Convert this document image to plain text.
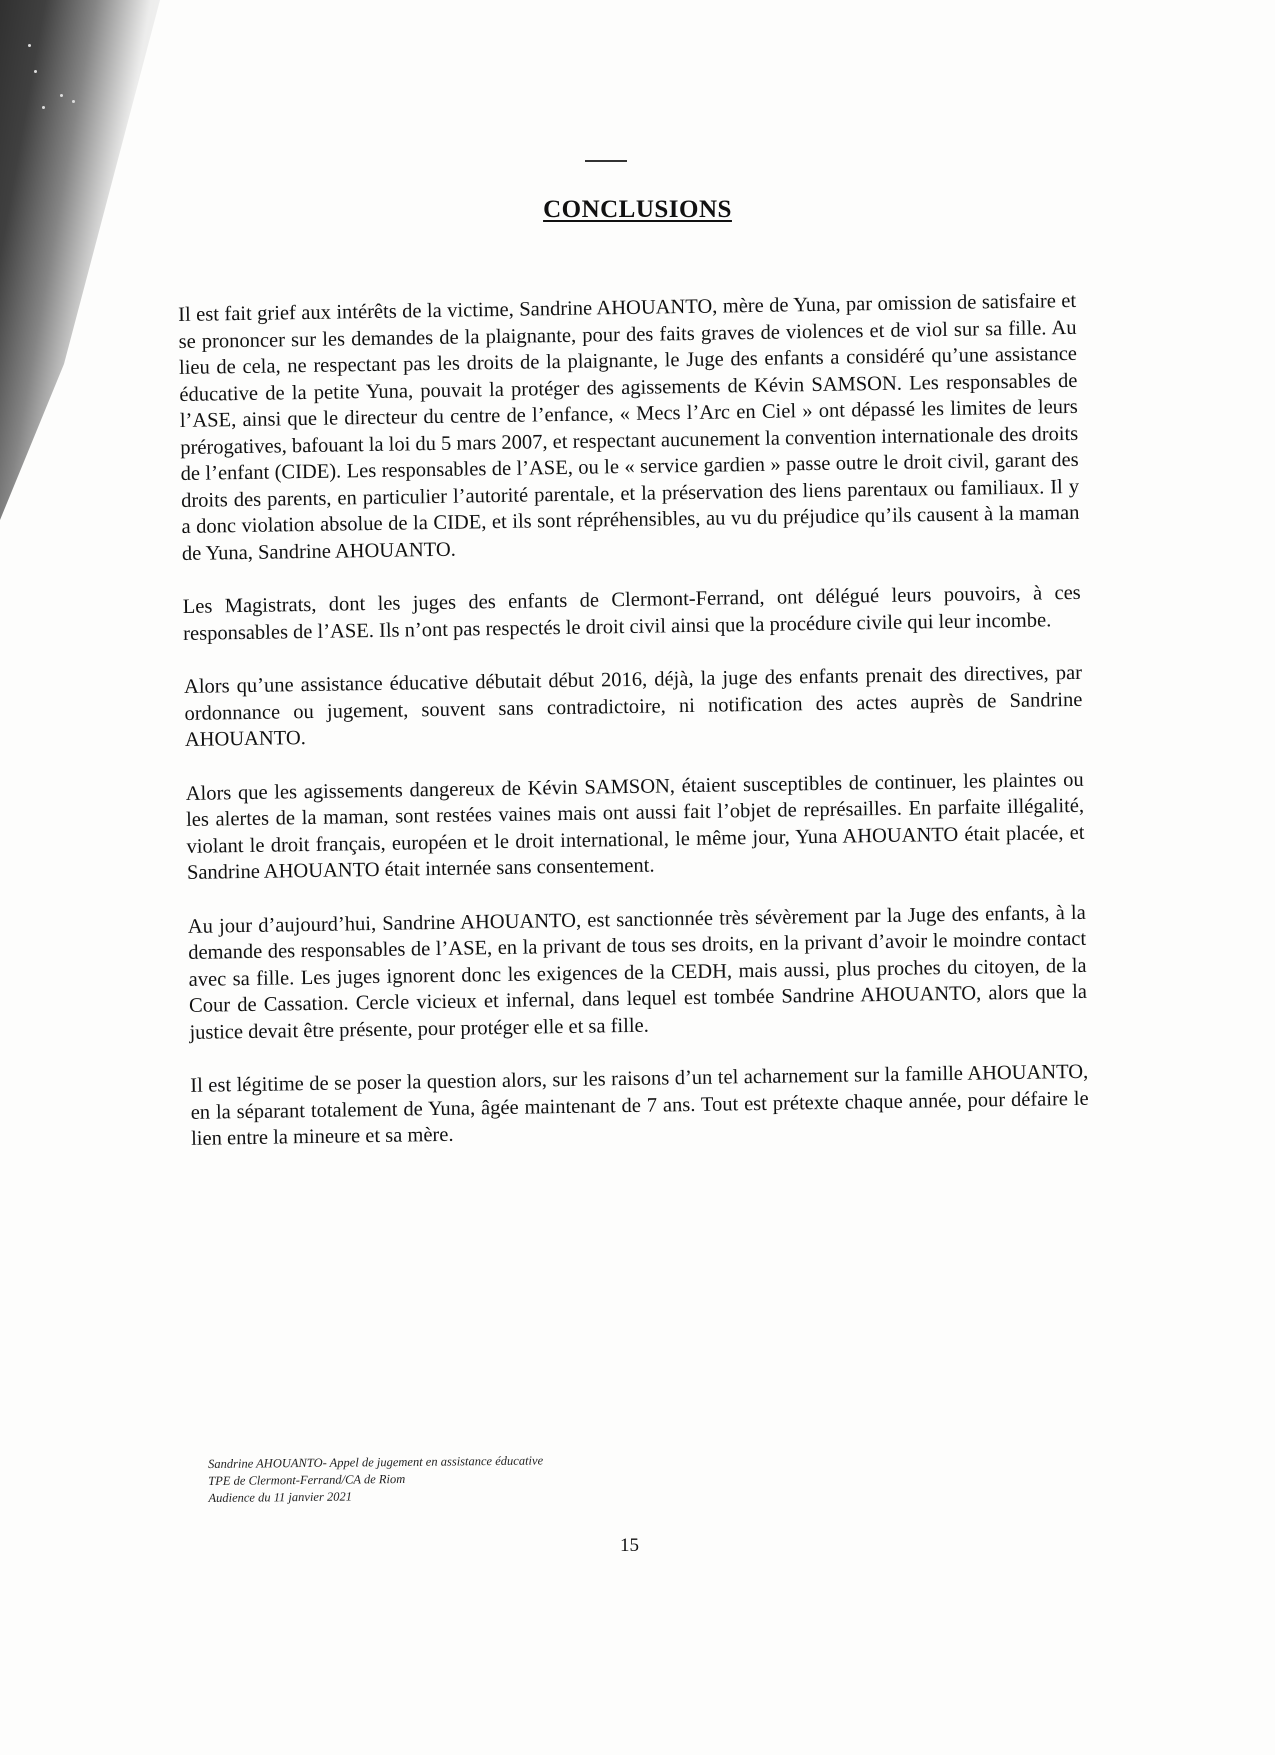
CONCLUSIONS

Il est fait grief aux intérêts de la victime, Sandrine AHOUANTO, mère de Yuna, par omission de satisfaire et se prononcer sur les demandes de la plaignante, pour des faits graves de violences et de viol sur sa fille. Au lieu de cela, ne respectant pas les droits de la plaignante, le Juge des enfants a considéré qu’une assistance éducative de la petite Yuna, pouvait la protéger des agissements de Kévin SAMSON. Les responsables de l’ASE, ainsi que le directeur du centre de l’enfance, « Mecs l’Arc en Ciel » ont dépassé les limites de leurs prérogatives, bafouant la loi du 5 mars 2007, et respectant aucunement la convention internationale des droits de l’enfant (CIDE). Les responsables de l’ASE, ou le « service gardien » passe outre le droit civil, garant des droits des parents, en particulier l’autorité parentale, et la préservation des liens parentaux ou familiaux. Il y a donc violation absolue de la CIDE, et ils sont répréhensibles, au vu du préjudice qu’ils causent à la maman de Yuna, Sandrine AHOUANTO.

Les Magistrats, dont les juges des enfants de Clermont-Ferrand, ont délégué leurs pouvoirs, à ces responsables de l’ASE. Ils n’ont pas respectés le droit civil ainsi que la procédure civile qui leur incombe.

Alors qu’une assistance éducative débutait début 2016, déjà, la juge des enfants prenait des directives, par ordonnance ou jugement, souvent sans contradictoire, ni notification des actes auprès de Sandrine AHOUANTO.

Alors que les agissements dangereux de Kévin SAMSON, étaient susceptibles de continuer, les plaintes ou les alertes de la maman, sont restées vaines mais ont aussi fait l’objet de représailles. En parfaite illégalité, violant le droit français, européen et le droit international, le même jour, Yuna AHOUANTO était placée, et Sandrine AHOUANTO était internée sans consentement.

Au jour d’aujourd’hui, Sandrine AHOUANTO, est sanctionnée très sévèrement par la Juge des enfants, à la demande des responsables de l’ASE, en la privant de tous ses droits, en la privant d’avoir le moindre contact avec sa fille. Les juges ignorent donc les exigences de la CEDH, mais aussi, plus proches du citoyen, de la Cour de Cassation. Cercle vicieux et infernal, dans lequel est tombée Sandrine AHOUANTO, alors que la justice devait être présente, pour protéger elle et sa fille.

Il est légitime de se poser la question alors, sur les raisons d’un tel acharnement sur la famille AHOUANTO, en la séparant totalement de Yuna, âgée maintenant de 7 ans. Tout est prétexte chaque année, pour défaire le lien entre la mineure et sa mère.

Sandrine AHOUANTO- Appel de jugement en assistance éducative
TPE de Clermont-Ferrand/CA de Riom
Audience du 11 janvier 2021
15
